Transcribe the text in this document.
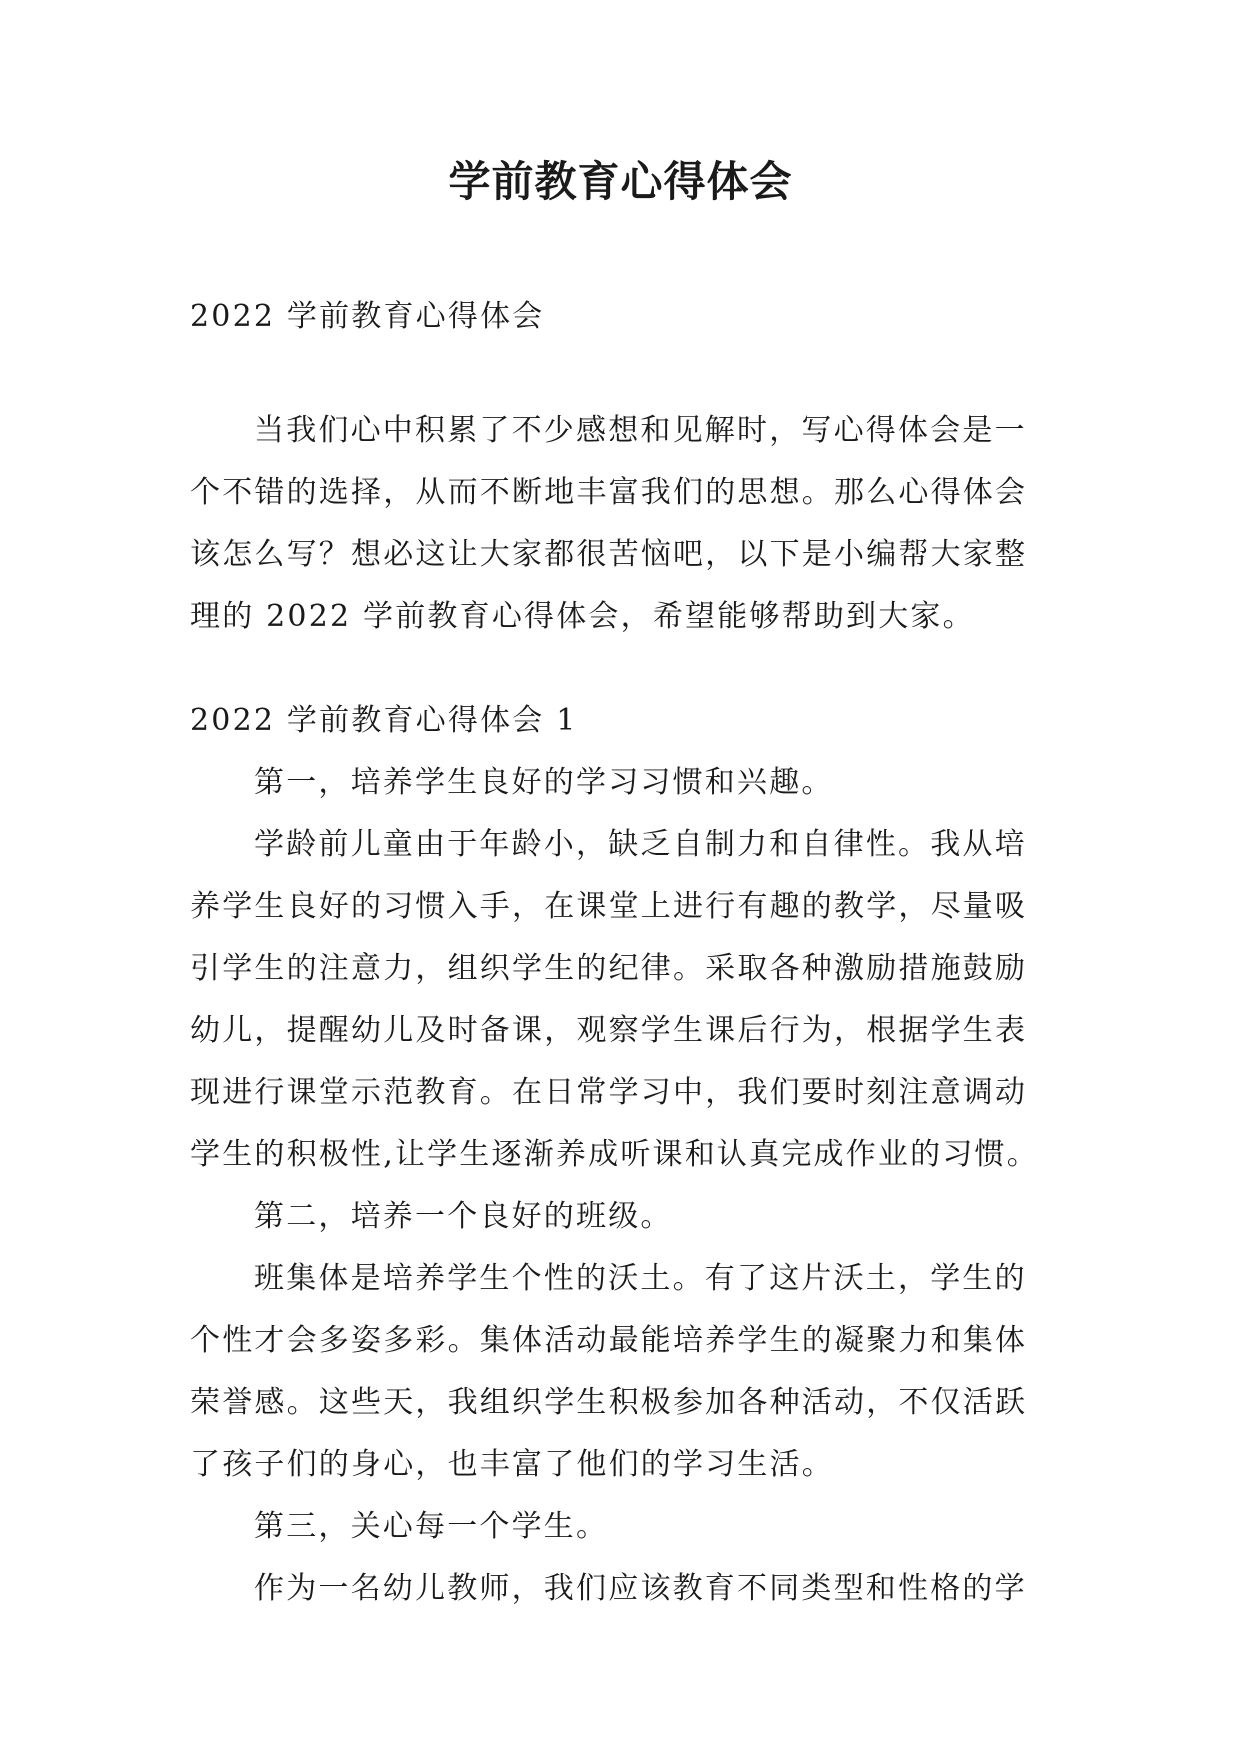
学前教育心得体会

2022 学前教育心得体会

当我们心中积累了不少感想和见解时，写心得体会是一个不错的选择，从而不断地丰富我们的思想。那么心得体会该怎么写？想必这让大家都很苦恼吧，以下是小编帮大家整理的 2022 学前教育心得体会，希望能够帮助到大家。

2022 学前教育心得体会 1

第一，培养学生良好的学习习惯和兴趣。

学龄前儿童由于年龄小，缺乏自制力和自律性。我从培养学生良好的习惯入手，在课堂上进行有趣的教学，尽量吸引学生的注意力，组织学生的纪律。采取各种激励措施鼓励幼儿，提醒幼儿及时备课，观察学生课后行为，根据学生表现进行课堂示范教育。在日常学习中，我们要时刻注意调动学生的积极性,让学生逐渐养成听课和认真完成作业的习惯。

第二，培养一个良好的班级。

班集体是培养学生个性的沃土。有了这片沃土，学生的个性才会多姿多彩。集体活动最能培养学生的凝聚力和集体荣誉感。这些天，我组织学生积极参加各种活动，不仅活跃了孩子们的身心，也丰富了他们的学习生活。

第三，关心每一个学生。

作为一名幼儿教师，我们应该教育不同类型和性格的学
